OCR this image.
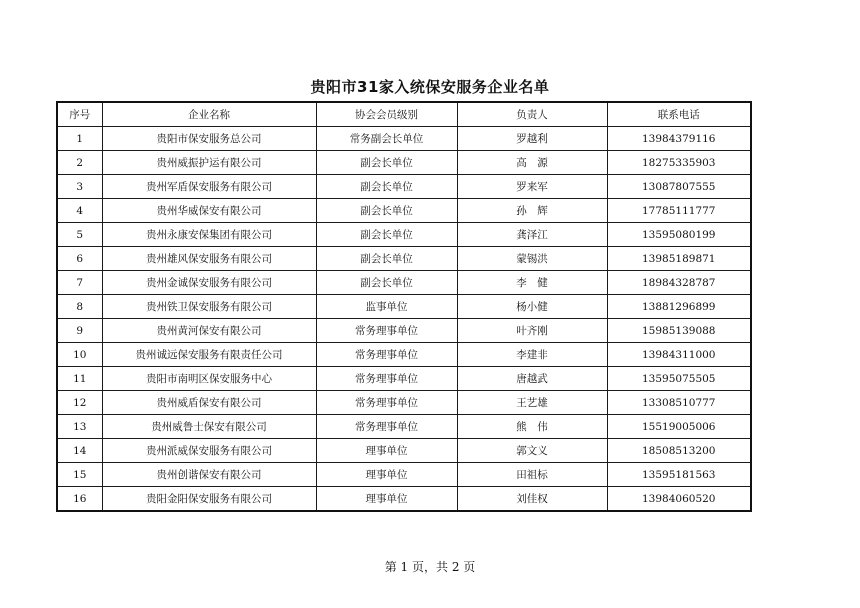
贵阳市31家入统保安服务企业名单
序号	企业名称	协会会员级别	负责人	联系电话
1	贵阳市保安服务总公司	常务副会长单位	罗越利	13984379116
2	贵州威振护运有限公司	副会长单位	高　源	18275335903
3	贵州军盾保安服务有限公司	副会长单位	罗来军	13087807555
4	贵州华威保安有限公司	副会长单位	孙　辉	17785111777
5	贵州永康安保集团有限公司	副会长单位	龚泽江	13595080199
6	贵州雄风保安服务有限公司	副会长单位	蒙锡洪	13985189871
7	贵州金诚保安服务有限公司	副会长单位	李　健	18984328787
8	贵州铁卫保安服务有限公司	监事单位	杨小健	13881296899
9	贵州黄河保安有限公司	常务理事单位	叶齐刚	15985139088
10	贵州诚远保安服务有限责任公司	常务理事单位	李建非	13984311000
11	贵阳市南明区保安服务中心	常务理事单位	唐越武	13595075505
12	贵州威盾保安有限公司	常务理事单位	王艺雄	13308510777
13	贵州威鲁士保安有限公司	常务理事单位	熊　伟	15519005006
14	贵州派威保安服务有限公司	理事单位	郭文义	18508513200
15	贵州创谐保安有限公司	理事单位	田祖标	13595181563
16	贵阳金阳保安服务有限公司	理事单位	刘佳权	13984060520
第 1 页，共 2 页
